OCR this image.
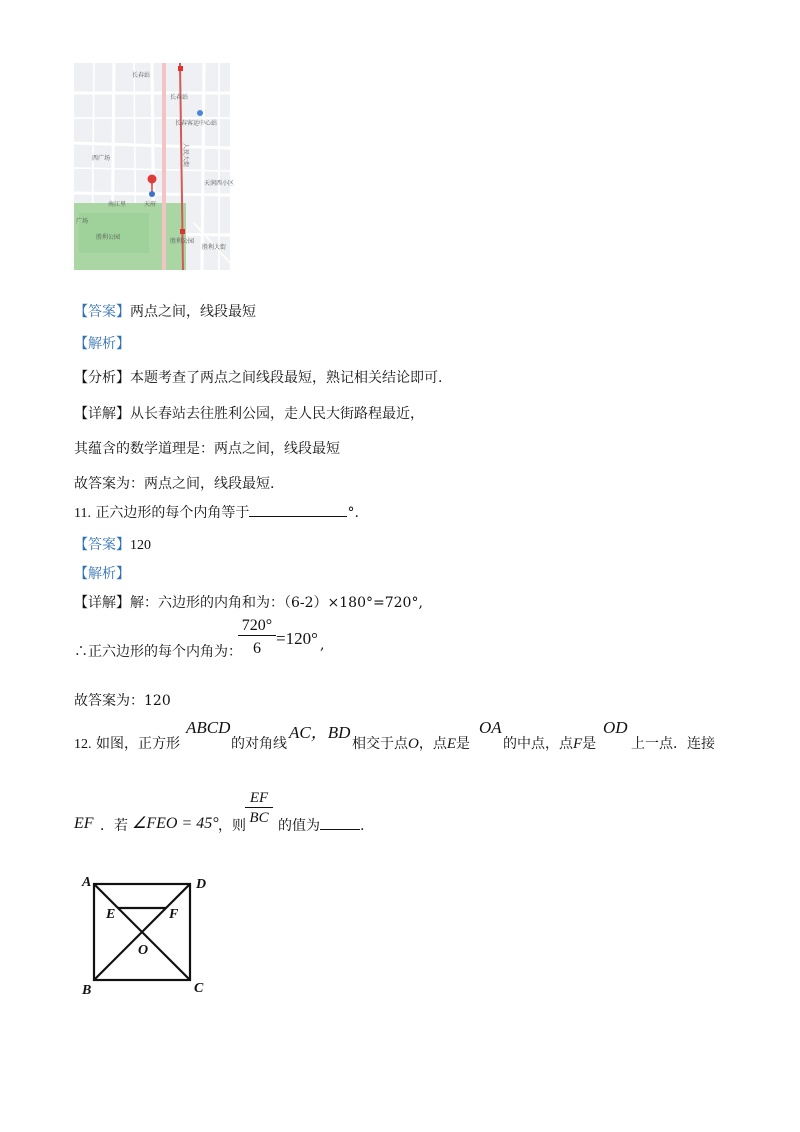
长春站
长春站
长春客运中心站
西广场
天润西小区
天府
南江里
广场
胜利公园
胜利公园
胜利大街
人民大街
【答案】两点之间，线段最短
【解析】
【分析】本题考查了两点之间线段最短，熟记相关结论即可.
【详解】从长春站去往胜利公园，走人民大街路程最近，
其蕴含的数学道理是：两点之间，线段最短
故答案为：两点之间，线段最短.
11. 正六边形的每个内角等于	°.
【答案】120
【解析】
【详解】解：六边形的内角和为：（6-2）×180°=720°,
∴正六边形的每个内角为：
$\frac{720^\circ}{6} =120^\circ$ ,
故答案为：120
12. 如图，正方形
ABCD
的对角线
AC，BD
相交于点O，点E是
OA
的中点，点F是
OD
上一点．连接
EF ．若 ∠FEO = 45° ，则 $\frac{EF}{BC}$ 的值为	.
A	D
E	F
O
B	C
